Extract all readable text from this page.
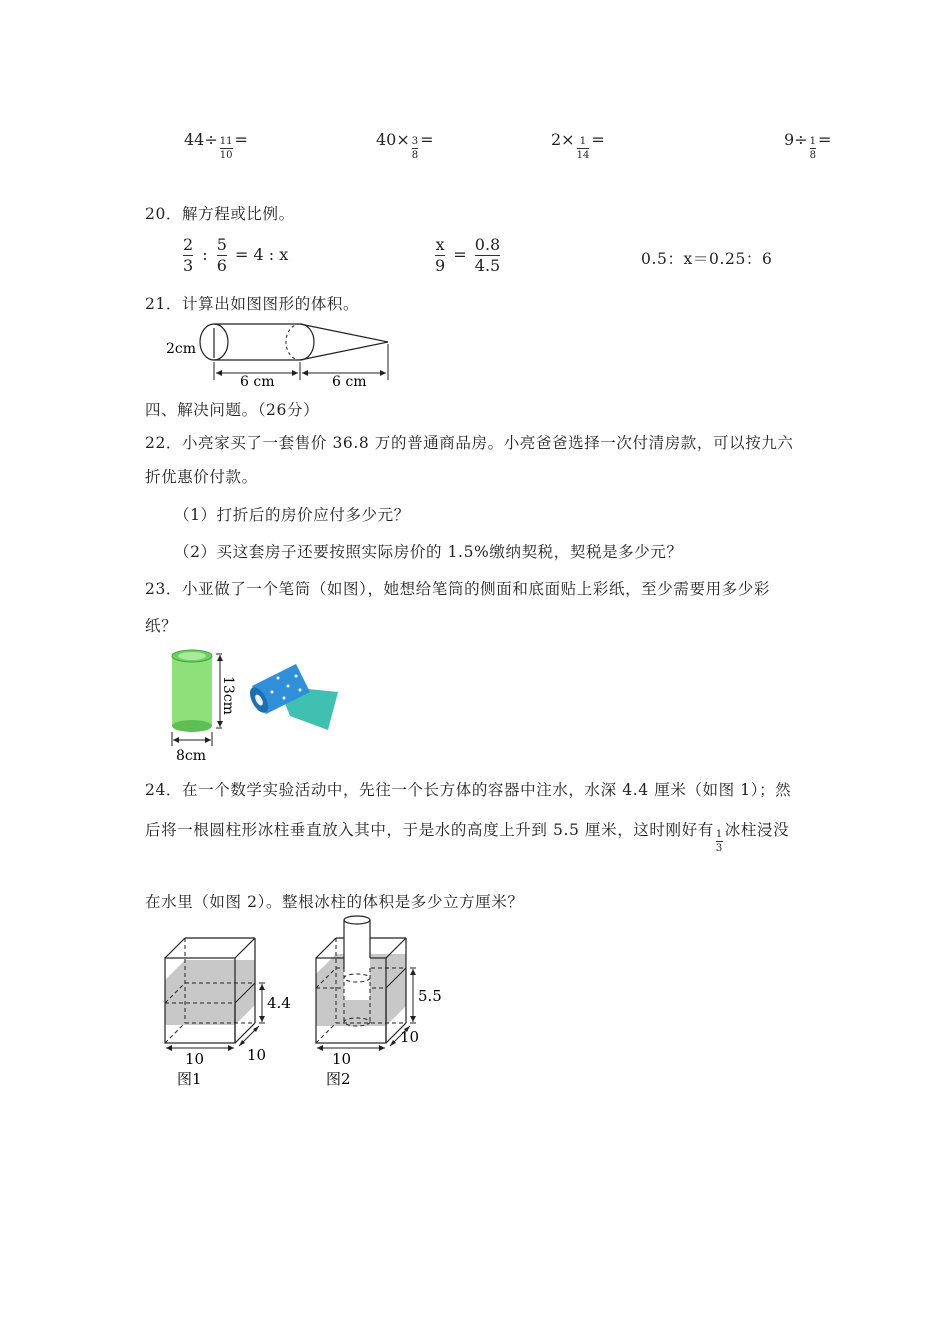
$44\div \frac{11}{10}$ =	$40\times \frac{3}{8}$ =	$2\times \frac{1}{14}$ =	$9\div \frac{1}{8}$ =
20．解方程或比例。
$\frac{2}{3}$ : $\frac{5}{6} = 4$ : x	$\frac{x}{9} = \frac{0.8}{4.5}$	0.5：x＝0.25：6
21．计算出如图图形的体积。
2cm
6 cm	6 cm
四、解决问题。（26分）
22．小亮家买了一套售价 36.8 万的普通商品房。小亮爸爸选择一次付清房款，可以按九六
折优惠价付款。
（1）打折后的房价应付多少元？
（2）买这套房子还要按照实际房价的 1.5%缴纳契税，契税是多少元？
23．小亚做了一个笔筒（如图），她想给笔筒的侧面和底面贴上彩纸，至少需要用多少彩
纸？
13cm
8cm
24．在一个数学实验活动中，先往一个长方体的容器中注水，水深 4.4 厘米（如图 1）；然
后将一根圆柱形冰柱垂直放入其中，于是水的高度上升到 5.5 厘米，这时刚好有 $\frac{1}{3}$ 冰柱浸没
在水里（如图 2）。整根冰柱的体积是多少立方厘米？
4.4
10	10
图1
5.5
10
10
图2
